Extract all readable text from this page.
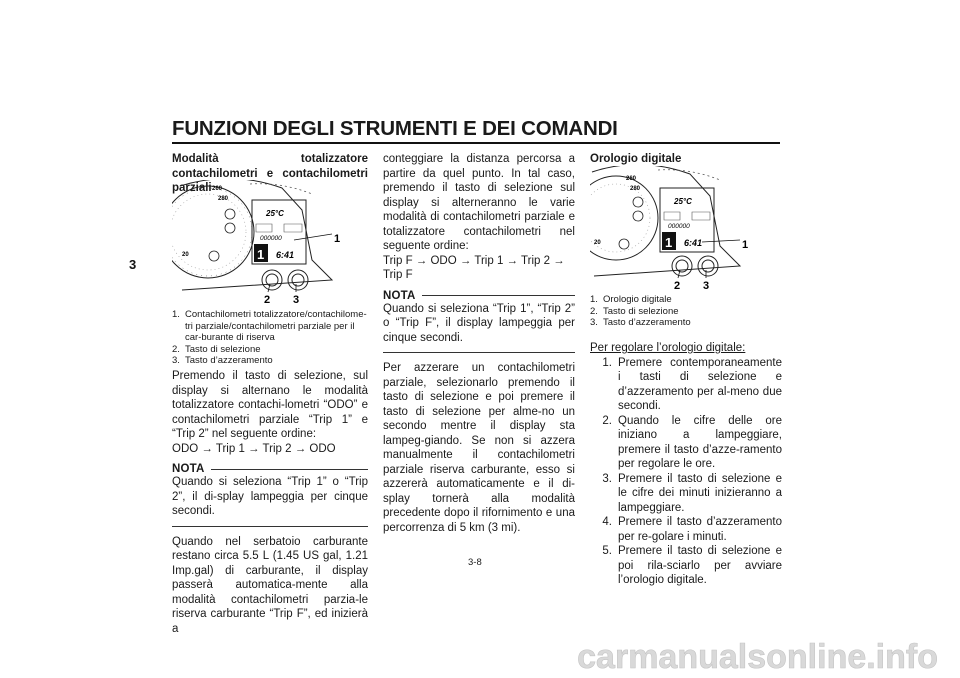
FUNZIONI DEGLI STRUMENTI E DEI COMANDI
3
Modalità totalizzatore contachilometri e contachilometri parziali 260
280
20
25°C
000000
1 6:41
1
2 3
1. Contachilometri totalizzatore/contachilome-tri parziale/contachilometri parziale per il car-burante di riserva
2. Tasto di selezione
3. Tasto d’azzeramento
Premendo il tasto di selezione, sul display si alternano le modalità totalizzatore contachi-lometri “ODO” e contachilometri parziale “Trip 1” e “Trip 2” nel seguente ordine:
ODO → Trip 1 → Trip 2 → ODO
NOTA
Quando si seleziona “Trip 1” o “Trip 2”, il di-splay lampeggia per cinque secondi.
Quando nel serbatoio carburante restano circa 5.5 L (1.45 US gal, 1.21 Imp.gal) di carburante, il display passerà automatica-mente alla modalità contachilometri parzia-le riserva carburante “Trip F”, ed inizierà a
conteggiare la distanza percorsa a partire da quel punto. In tal caso, premendo il tasto di selezione sul display si alterneranno le varie modalità di contachilometri parziale e totalizzatore contachilometri nel seguente ordine:
Trip F → ODO → Trip 1 → Trip 2 → Trip F
NOTA
Quando si seleziona “Trip 1”, “Trip 2” o “Trip F”, il display lampeggia per cinque secondi.
Per azzerare un contachilometri parziale, selezionarlo premendo il tasto di selezione e poi premere il tasto di selezione per alme-no un secondo mentre il display sta lampeg-giando. Se non si azzera manualmente il contachilometri parziale riserva carburante, esso si azzererà automaticamente e il di-splay tornerà alla modalità precedente dopo il rifornimento e una percorrenza di 5 km (3 mi).
Orologio digitale
260
280
20
25°C
000000
1 6:41	1
2 3
1. Orologio digitale
2. Tasto di selezione
3. Tasto d’azzeramento
Per regolare l’orologio digitale:
1. Premere contemporaneamente i tasti di selezione e d’azzeramento per al-meno due secondi.
2. Quando le cifre delle ore iniziano a lampeggiare, premere il tasto d’azze-ramento per regolare le ore.
3. Premere il tasto di selezione e le cifre dei minuti inizieranno a lampeggiare.
4. Premere il tasto d’azzeramento per re-golare i minuti.
5. Premere il tasto di selezione e poi rila-sciarlo per avviare l’orologio digitale.
3-8
carmanualsonline.info
